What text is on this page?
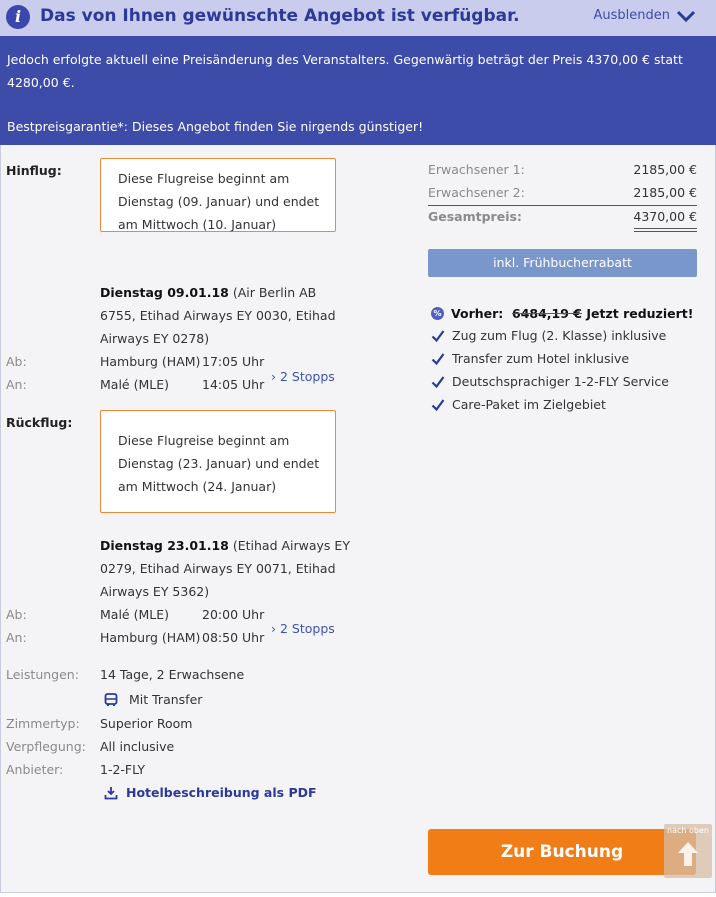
i	Das von Ihnen gewünschte Angebot ist verfügbar.	Ausblenden

Jedoch erfolgte aktuell eine Preisänderung des Veranstalters. Gegenwärtig beträgt der Preis 4370,00 € statt

4280,00 €.

Bestpreisgarantie*: Dieses Angebot finden Sie nirgends günstiger!

Hinflug:
Diese Flugreise beginnt am
Dienstag (09. Januar) und endet
am Mittwoch (10. Januar)
Dienstag 09.01.18 (Air Berlin AB
6755, Etihad Airways EY 0030, Etihad
Airways EY 0278)
Ab:	Hamburg (HAM) 17:05 Uhr
An:	Malé (MLE)	14:05 Uhr
› 2 Stopps
Rückflug:
Diese Flugreise beginnt am
Dienstag (23. Januar) und endet
am Mittwoch (24. Januar)
Dienstag 23.01.18 (Etihad Airways EY
0279, Etihad Airways EY 0071, Etihad
Airways EY 5362)
Ab:	Malé (MLE)	20:00 Uhr
An:	Hamburg (HAM) 08:50 Uhr
› 2 Stopps
Leistungen: 14 Tage, 2 Erwachsene
Mit Transfer
Zimmertyp: Superior Room
Verpflegung: All inclusive
Anbieter:	1-2-FLY
Hotelbeschreibung als PDF
Erwachsener 1:	2185,00 €
Erwachsener 2:	2185,00 €
Gesamtpreis:	4370,00 €
inkl. Frühbucherrabatt
% Vorher: 6484,19 € Jetzt reduziert!
Zug zum Flug (2. Klasse) inklusive
Transfer zum Hotel inklusive
Deutschsprachiger 1-2-FLY Service
Care-Paket im Zielgebiet
Zur Buchung
nach oben
